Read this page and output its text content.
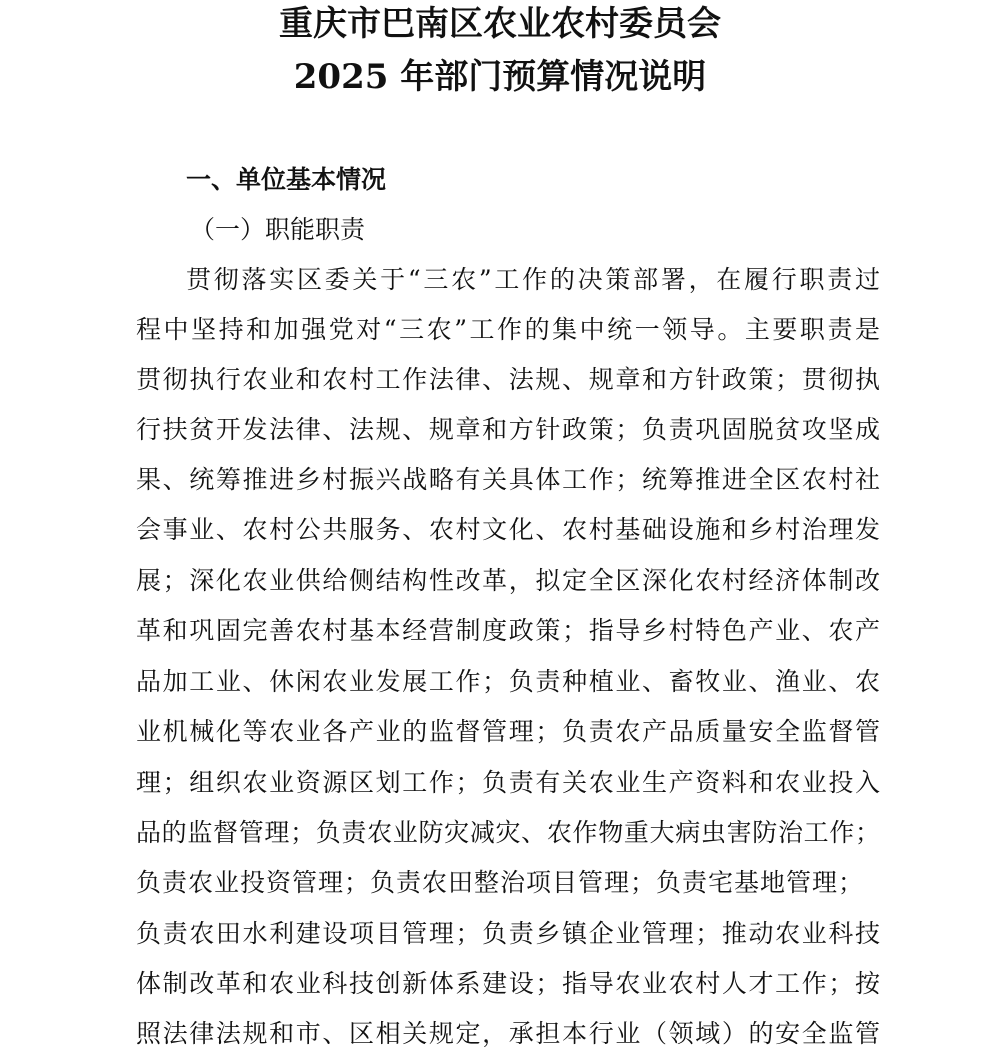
重庆市巴南区农业农村委员会
2025 年部门预算情况说明
一、单位基本情况
（一）职能职责
贯彻落实区委关于“三农”工作的决策部署，在履行职责过
程中坚持和加强党对“三农”工作的集中统一领导。主要职责是
贯彻执行农业和农村工作法律、法规、规章和方针政策；贯彻执
行扶贫开发法律、法规、规章和方针政策；负责巩固脱贫攻坚成
果、统筹推进乡村振兴战略有关具体工作；统筹推进全区农村社
会事业、农村公共服务、农村文化、农村基础设施和乡村治理发
展；深化农业供给侧结构性改革，拟定全区深化农村经济体制改
革和巩固完善农村基本经营制度政策；指导乡村特色产业、农产
品加工业、休闲农业发展工作；负责种植业、畜牧业、渔业、农
业机械化等农业各产业的监督管理；负责农产品质量安全监督管
理；组织农业资源区划工作；负责有关农业生产资料和农业投入
品的监督管理；负责农业防灾减灾、农作物重大病虫害防治工作；
负责农业投资管理；负责农田整治项目管理；负责宅基地管理；
负责农田水利建设项目管理；负责乡镇企业管理；推动农业科技
体制改革和农业科技创新体系建设；指导农业农村人才工作；按
照法律法规和市、区相关规定，承担本行业（领域）的安全监管
